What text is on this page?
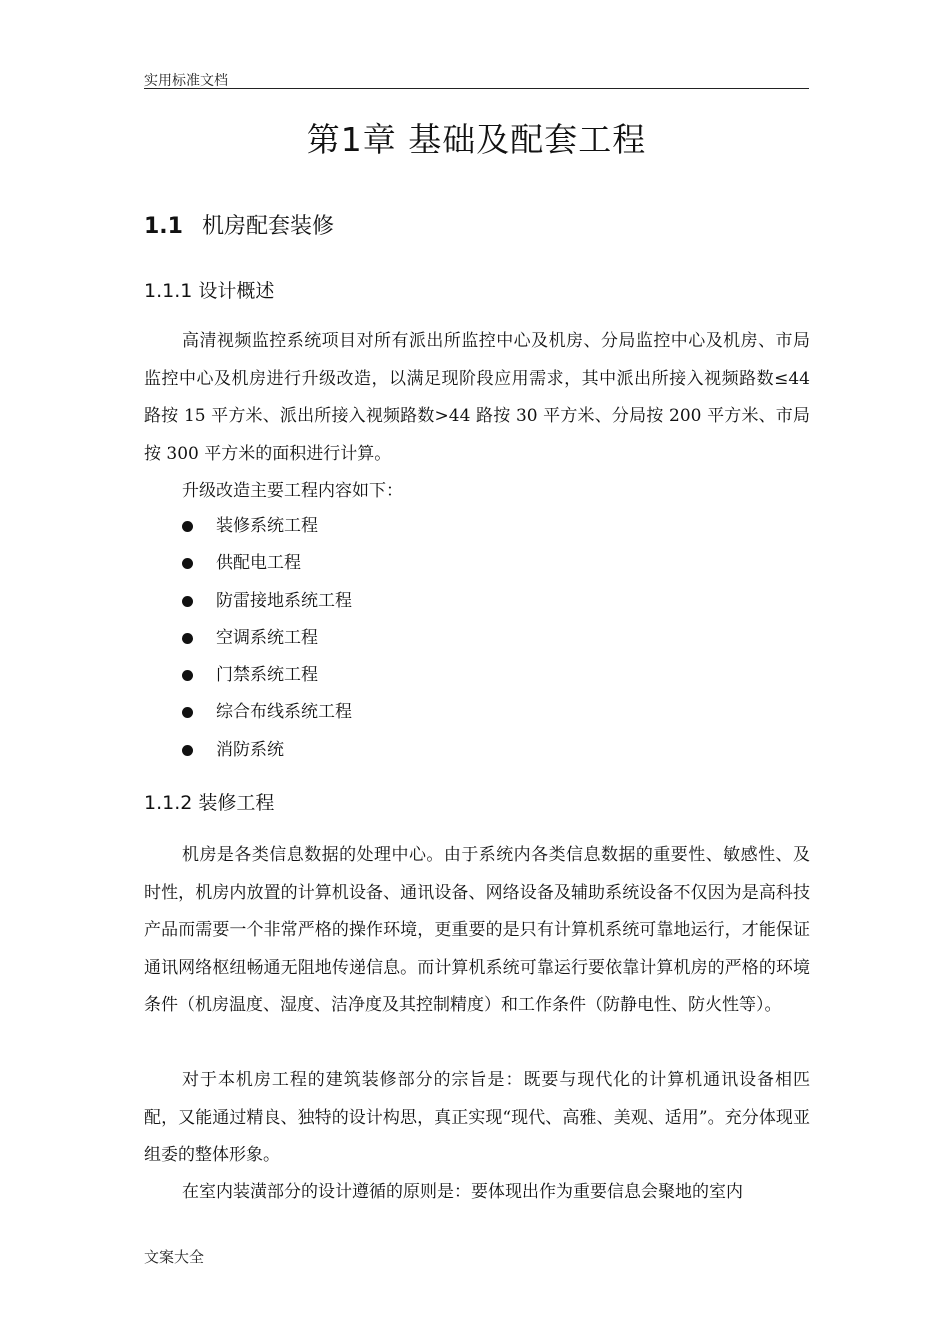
实用标准文档
第1章 基础及配套工程
1.1 机房配套装修
1.1.1 设计概述

高清视频监控系统项目对所有派出所监控中心及机房、分局监控中心及机房、市局监控中心及机房进行升级改造，以满足现阶段应用需求，其中派出所接入视频路数≤44 路按 15 平方米、派出所接入视频路数>44 路按 30 平方米、分局按 200 平方米、市局按 300 平方米的面积进行计算。

升级改造主要工程内容如下：

装修系统工程
供配电工程
防雷接地系统工程
空调系统工程
门禁系统工程
综合布线系统工程
消防系统
1.1.2 装修工程

机房是各类信息数据的处理中心。由于系统内各类信息数据的重要性、敏感性、及时性，机房内放置的计算机设备、通讯设备、网络设备及辅助系统设备不仅因为是高科技产品而需要一个非常严格的操作环境，更重要的是只有计算机系统可靠地运行，才能保证通讯网络枢纽畅通无阻地传递信息。而计算机系统可靠运行要依靠计算机房的严格的环境条件（机房温度、湿度、洁净度及其控制精度）和工作条件（防静电性、防火性等）。

对于本机房工程的建筑装修部分的宗旨是：既要与现代化的计算机通讯设备相匹配，又能通过精良、独特的设计构思，真正实现“现代、高雅、美观、适用”。充分体现亚组委的整体形象。

在室内装潢部分的设计遵循的原则是：要体现出作为重要信息会聚地的室内

文案大全
